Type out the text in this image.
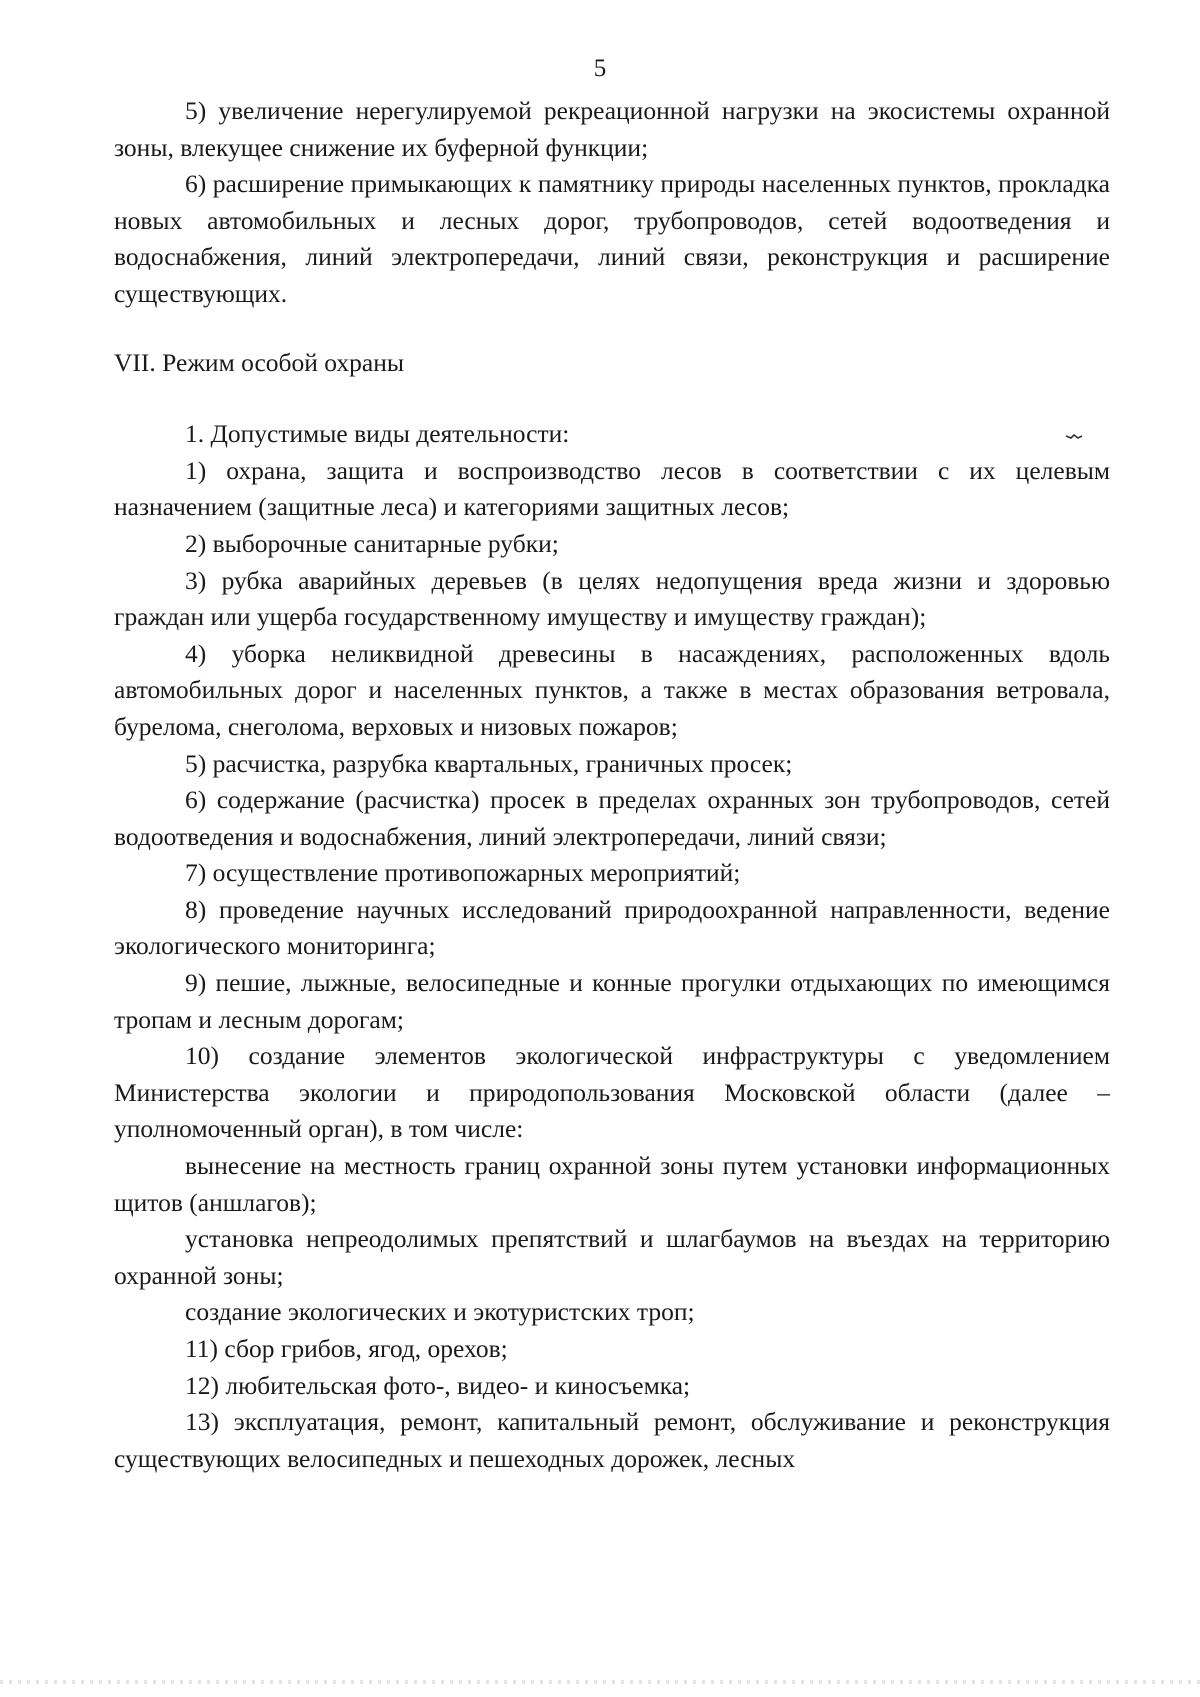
5

5) увеличение нерегулируемой рекреационной нагрузки на экосистемы охранной зоны, влекущее снижение их буферной функции;

6) расширение примыкающих к памятнику природы населенных пунктов, прокладка новых автомобильных и лесных дорог, трубопроводов, сетей водоотведения и водоснабжения, линий электропередачи, линий связи, реконструкция и расширение существующих.

VII. Режим особой охраны

1. Допустимые виды деятельности:

1) охрана, защита и воспроизводство лесов в соответствии с их целевым назначением (защитные леса) и категориями защитных лесов;

2) выборочные санитарные рубки;

3) рубка аварийных деревьев (в целях недопущения вреда жизни и здоровью граждан или ущерба государственному имуществу и имуществу граждан);

4) уборка неликвидной древесины в насаждениях, расположенных вдоль автомобильных дорог и населенных пунктов, а также в местах образования ветровала, бурелома, снеголома, верховых и низовых пожаров;

5) расчистка, разрубка квартальных, граничных просек;

6) содержание (расчистка) просек в пределах охранных зон трубопроводов, сетей водоотведения и водоснабжения, линий электропередачи, линий связи;

7) осуществление противопожарных мероприятий;

8) проведение научных исследований природоохранной направленности, ведение экологического мониторинга;

9) пешие, лыжные, велосипедные и конные прогулки отдыхающих по имеющимся тропам и лесным дорогам;

10) создание элементов экологической инфраструктуры с уведомлением Министерства экологии и природопользования Московской области (далее – уполномоченный орган), в том числе:

вынесение на местность границ охранной зоны путем установки информационных щитов (аншлагов);

установка непреодолимых препятствий и шлагбаумов на въездах на территорию охранной зоны;

создание экологических и экотуристских троп;

11) сбор грибов, ягод, орехов;

12) любительская фото-, видео- и киносъемка;

13) эксплуатация, ремонт, капитальный ремонт, обслуживание и реконструкция существующих велосипедных и пешеходных дорожек, лесных
